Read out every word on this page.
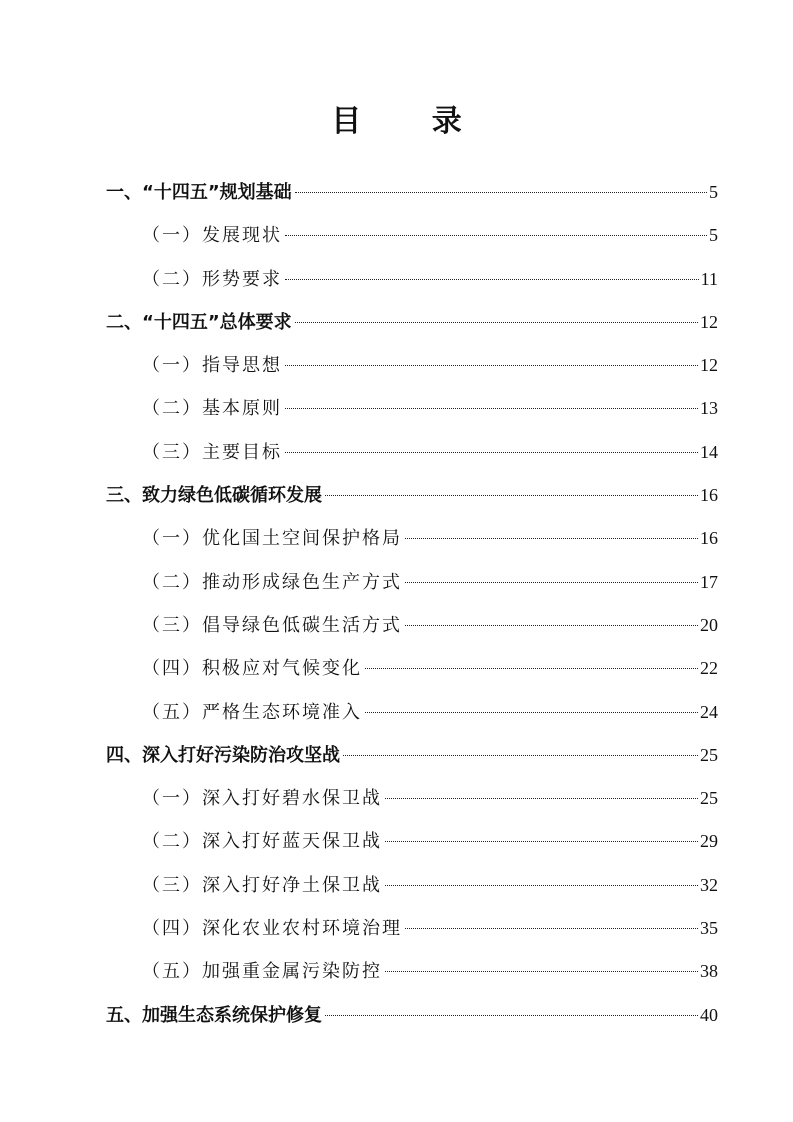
目 录
一、“十四五”规划基础	5
（一）发展现状	5
（二）形势要求	11
二、“十四五”总体要求	12
（一）指导思想	12
（二）基本原则	13
（三）主要目标	14
三、致力绿色低碳循环发展	16
（一）优化国土空间保护格局	16
（二）推动形成绿色生产方式	17
（三）倡导绿色低碳生活方式	20
（四）积极应对气候变化	22
（五）严格生态环境准入	24
四、深入打好污染防治攻坚战	25
（一）深入打好碧水保卫战	25
（二）深入打好蓝天保卫战	29
（三）深入打好净土保卫战	32
（四）深化农业农村环境治理	35
（五）加强重金属污染防控	38
五、加强生态系统保护修复	40
